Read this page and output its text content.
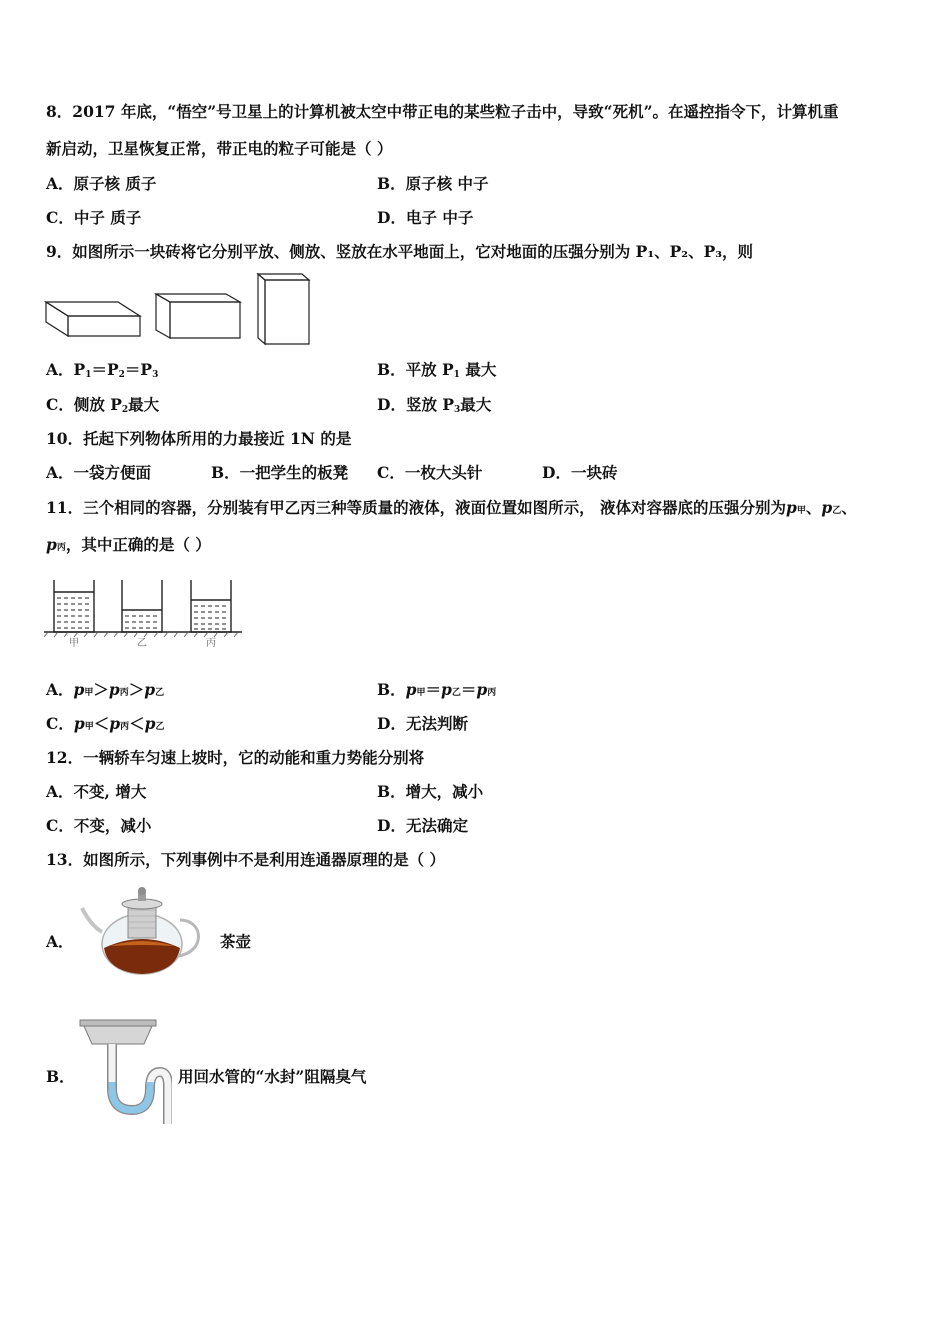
8．2017 年底，“悟空”号卫星上的计算机被太空中带正电的某些粒子击中，导致“死机”。在遥控指令下，计算机重
新启动，卫星恢复正常，带正电的粒子可能是（ ）
A．原子核 质子	B．原子核 中子
C．中子 质子	D．电子 中子
9．如图所示一块砖将它分别平放、侧放、竖放在水平地面上，它对地面的压强分别为 P₁、P₂、P₃，则
A．$P_1=P_2=P_3$	B．平放 $P_1$ 最大
C．侧放 $P_2$最大	D．竖放 $P_3$最大
10．托起下列物体所用的力最接近 1N 的是
A．一袋方便面	B．一把学生的板凳 C．一枚大头针	D．一块砖
11．三个相同的容器，分别装有甲乙丙三种等质量的液体，液面位置如图所示， 液体对容器底的压强分别为p甲、p乙、
p丙，其中正确的是（ ）
甲	乙	丙
A．p甲＞p丙＞p乙	B．p甲＝p乙＝p丙
C．p甲＜p丙＜p乙	D．无法判断
12．一辆轿车匀速上坡时，它的动能和重力势能分别将
A．不变, 增大	B．增大，减小
C．不变，减小	D．无法确定
13．如图所示，下列事例中不是利用连通器原理的是（ ）
A．	茶壶
B．	用回水管的“水封”阻隔臭气
